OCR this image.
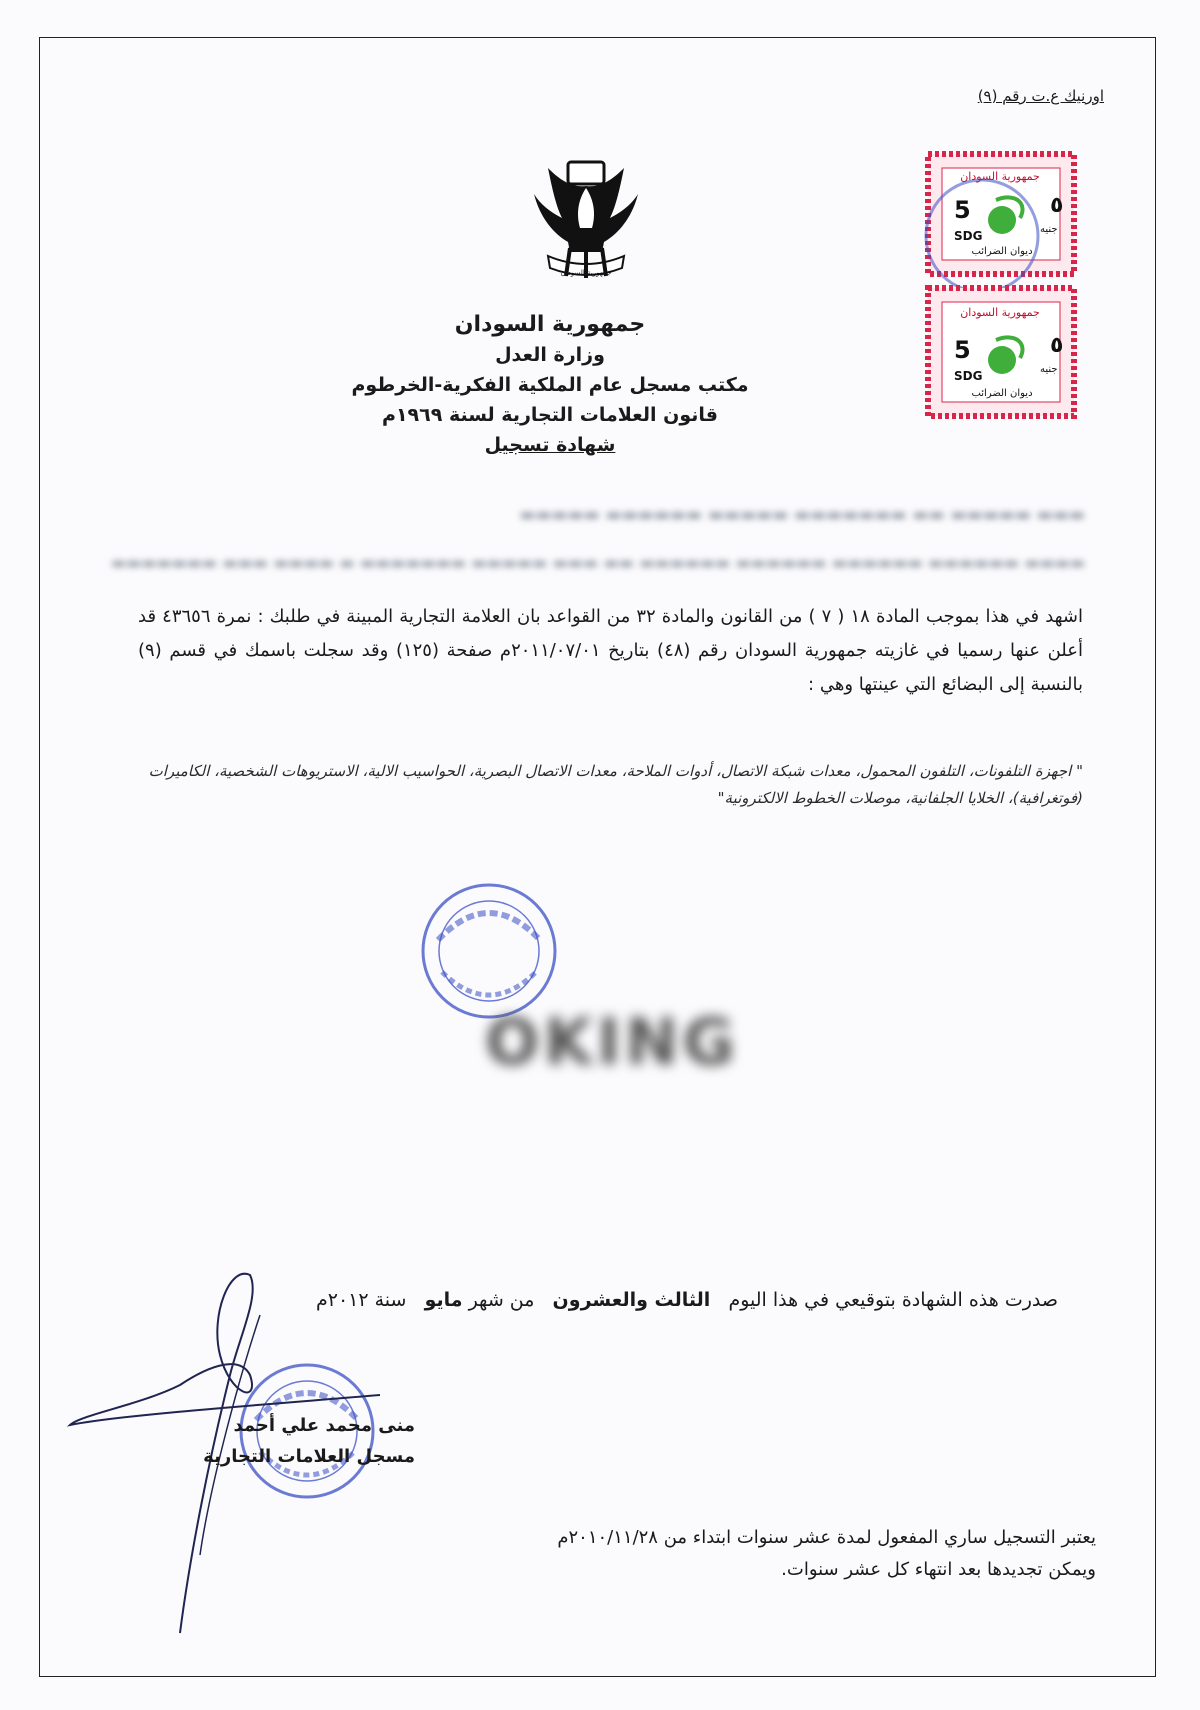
اورنيك ع.ت رقم (٩)
جمهورية السودان
جمهورية السودان
5
SDG
٥
جنيه
ديوان الضرائب
جمهورية السودان
5
SDG
٥
جنيه
ديوان الضرائب
جمهورية السودان
وزارة العدل
مكتب مسجل عام الملكية الفكرية-الخرطوم
قانون العلامات التجارية لسنة ١٩٦٩م
شهادة تسجيل
▬▬▬ ▬▬▬▬▬ ▬▬ ▬▬▬▬▬▬▬ ▬▬▬▬▬ ▬▬▬▬▬▬ ▬▬▬▬▬
▬▬▬▬ ▬▬▬▬▬▬ ▬▬▬▬▬▬ ▬▬▬▬▬▬ ▬▬▬▬▬▬ ▬▬ ▬▬▬ ▬▬▬▬▬ ▬▬▬▬▬▬▬ ▬ ▬▬▬▬ ▬▬▬ ▬▬▬▬▬▬▬
اشهد في هذا بموجب المادة ١٨ ( ٧ ) من القانون والمادة ٣٢ من القواعد بان العلامة التجارية المبينة في طلبك : نمرة ٤٣٦٥٦ قد أعلن عنها رسميا في غازيته جمهورية السودان رقم (٤٨) بتاريخ ٢٠١١/٠٧/٠١م صفحة (١٢٥) وقد سجلت باسمك في قسم (٩) بالنسبة إلى البضائع التي عينتها وهي :
" اجهزة التلفونات، التلفون المحمول، معدات شبكة الاتصال، أدوات الملاحة، معدات الاتصال البصرية، الحواسيب الالية، الاستريوهات الشخصية، الكاميرات (فوتغرافية)، الخلايا الجلفانية، موصلات الخطوط الالكترونية"
OKING
صدرت هذه الشهادة بتوقيعي في هذا اليوم   الثالث والعشرون   من شهر مايو   سنة ٢٠١٢م
منى محمد علي أحمد
مسجل العلامات التجارية
يعتبر التسجيل ساري المفعول لمدة عشر سنوات ابتداء من ٢٠١٠/١١/٢٨م
ويمكن تجديدها بعد انتهاء كل عشر سنوات.
